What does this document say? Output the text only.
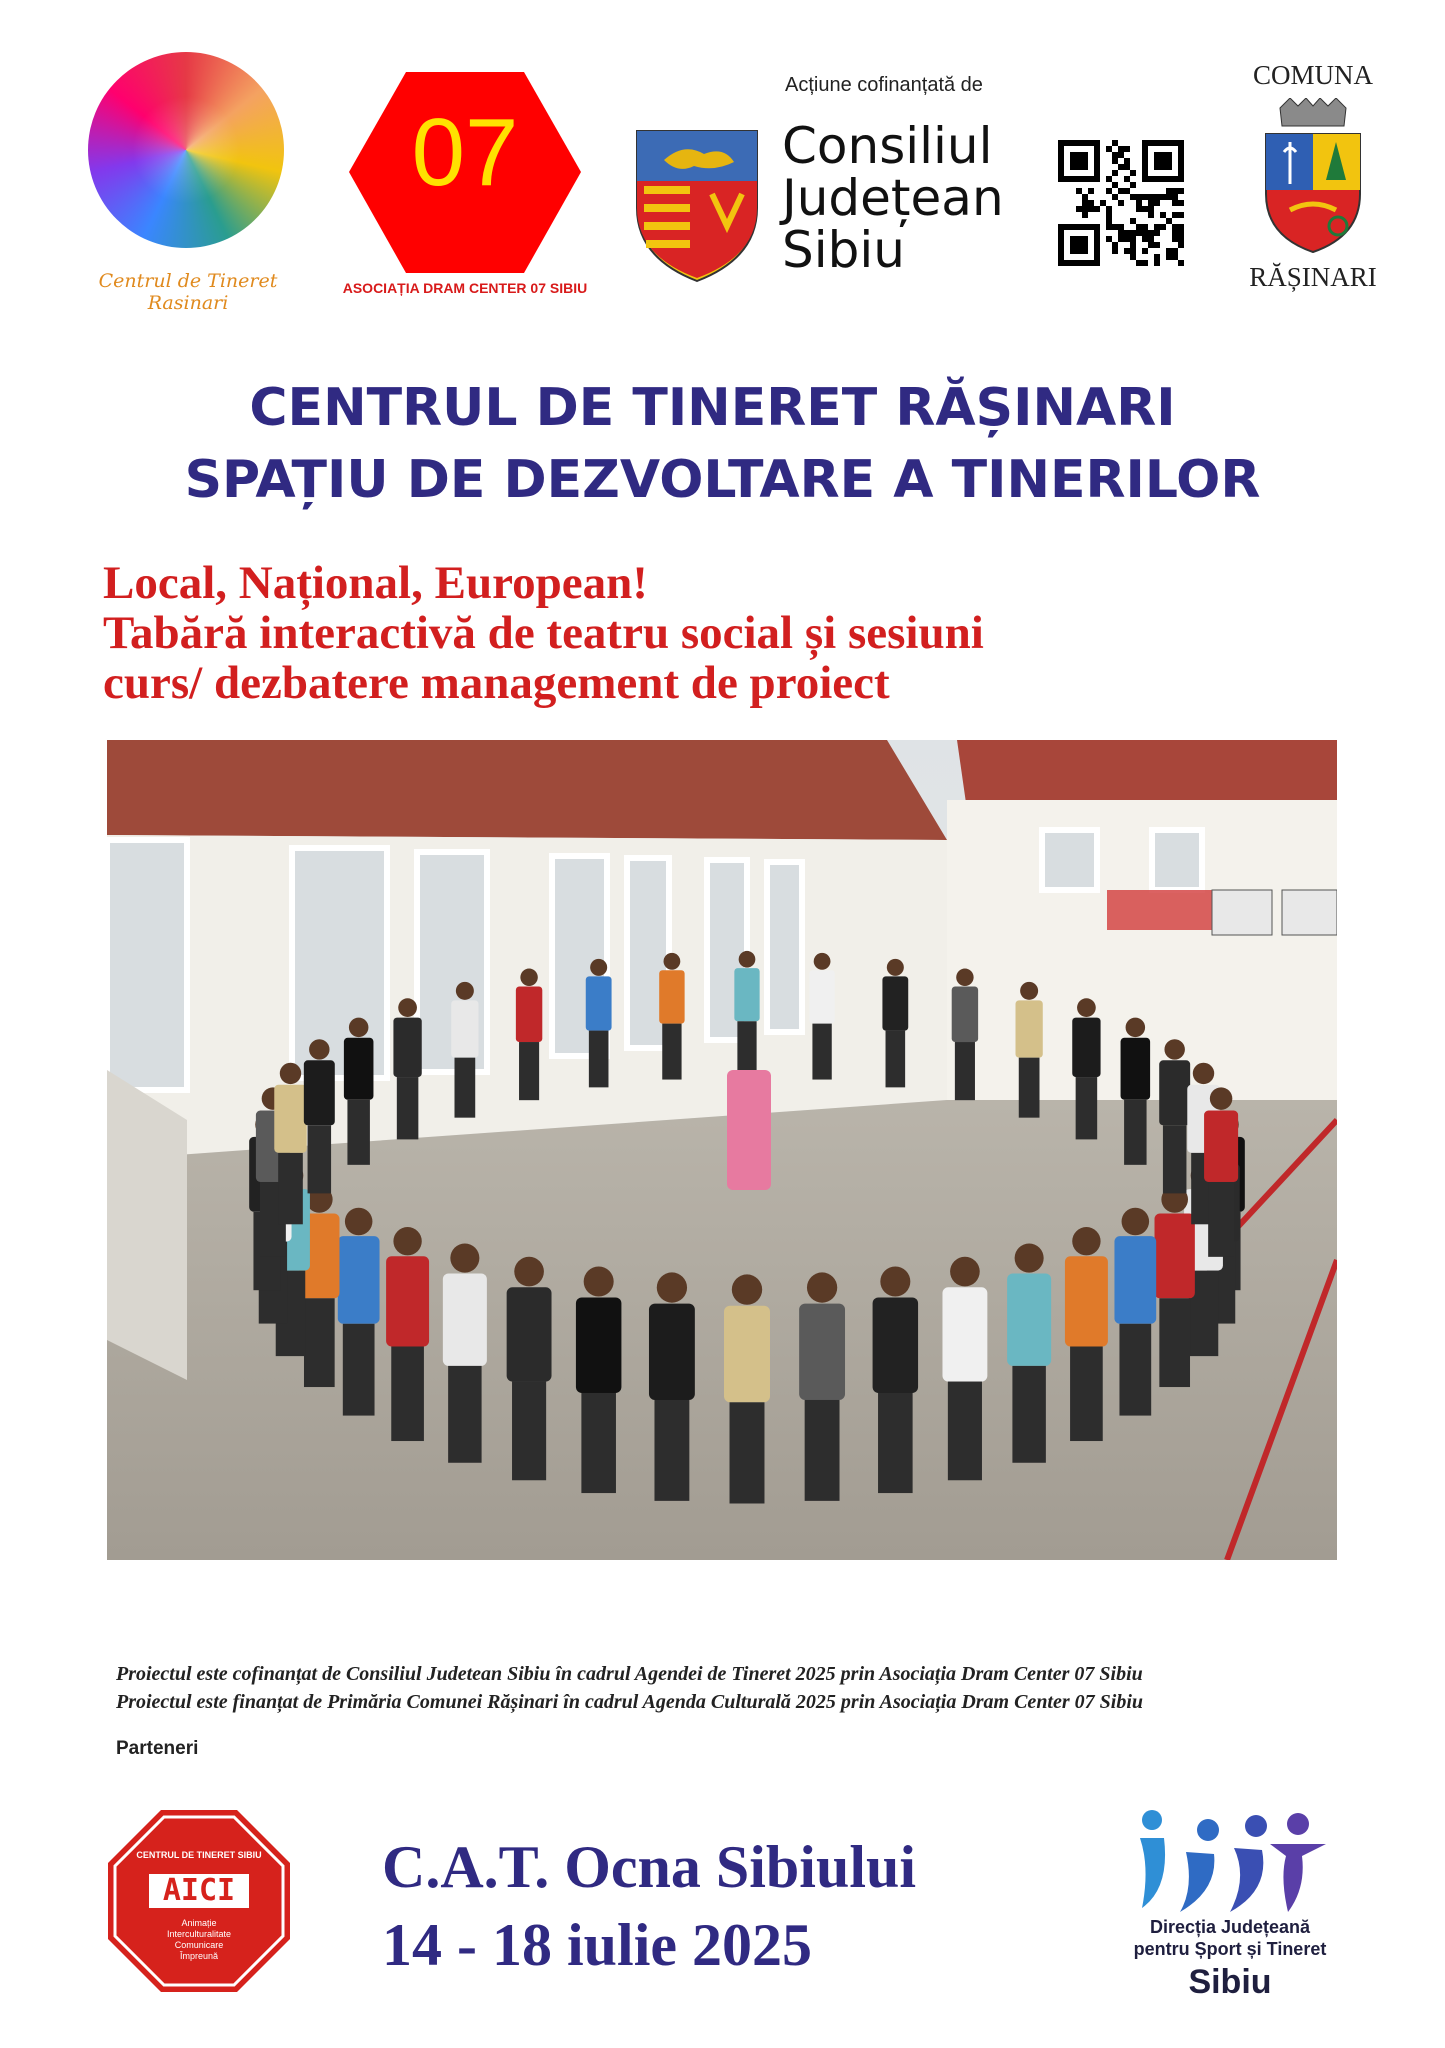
Centrul de Tineret Rasinari
07
ASOCIAȚIA DRAM CENTER 07 SIBIU
Acțiune cofinanțată de
Consiliul
Județean
Sibiu
COMUNA
RĂȘINARI
CENTRUL DE TINERET RĂȘINARI
SPAȚIU DE DEZVOLTARE A TINERILOR
Local, Național, European!
Tabără interactivă de teatru social și sesiuni
curs/ dezbatere management de proiect
Proiectul este cofinanțat de Consiliul Judetean Sibiu în cadrul Agendei de Tineret 2025 prin Asociația Dram Center 07 Sibiu
Proiectul este finanțat de Primăria Comunei Rășinari în cadrul Agenda Culturală 2025 prin Asociația Dram Center 07 Sibiu
Parteneri
CENTRUL DE TINERET SIBIU
AICI
Animație
Interculturalitate
Comunicare
Împreună
C.A.T. Ocna Sibiului
14 - 18 iulie 2025	Direcția Județeană
pentru Șport și Tineret
Sibiu
